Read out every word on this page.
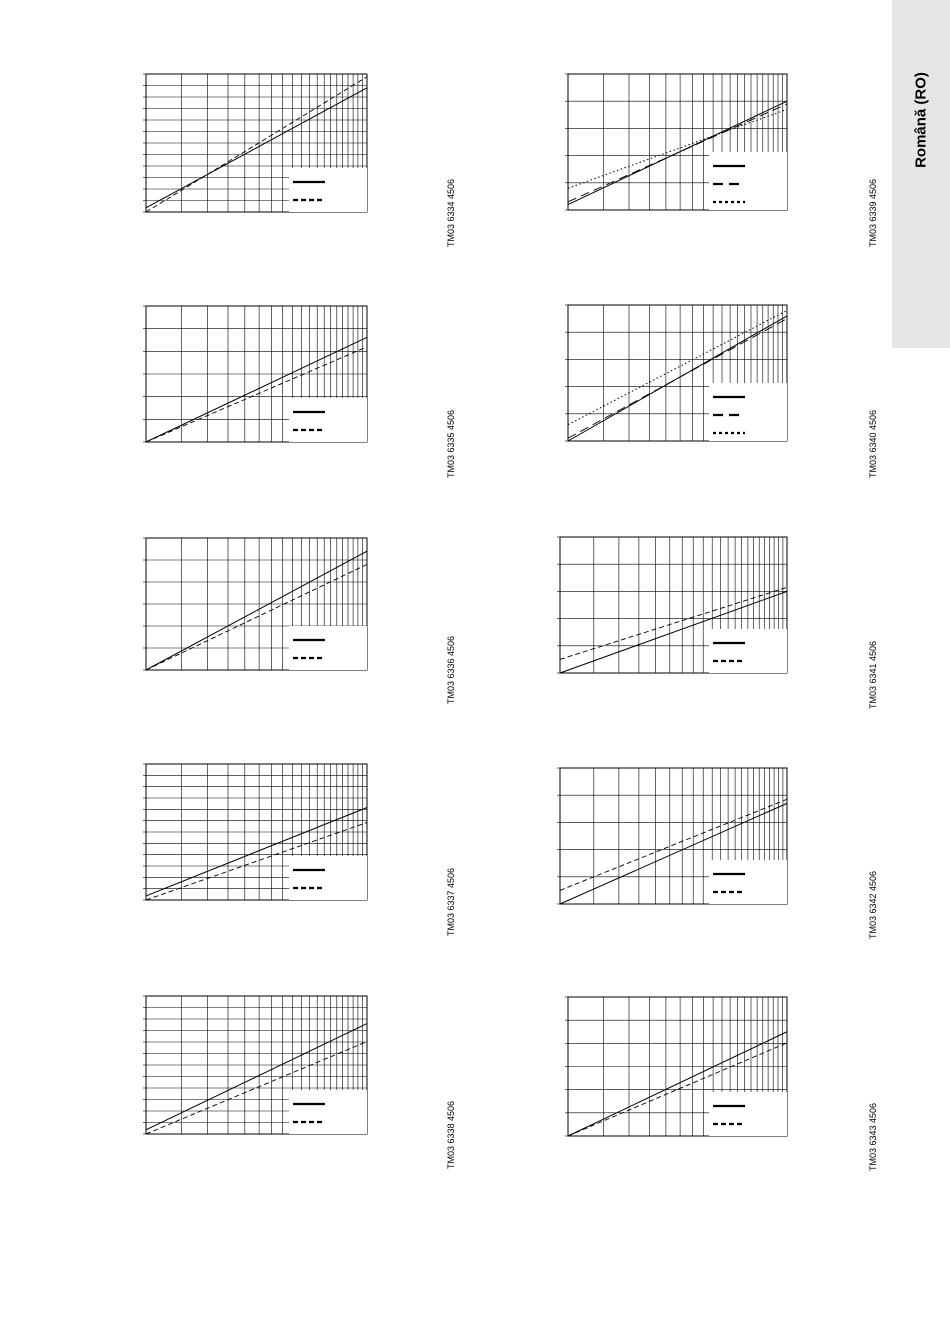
Română (RO)
TM03 6334 4506
TM03 6335 4506
TM03 6336 4506
TM03 6337 4506
TM03 6338 4506
TM03 6339 4506
TM03 6340 4506
TM03 6341 4506
TM03 6342 4506
TM03 6343 4506
